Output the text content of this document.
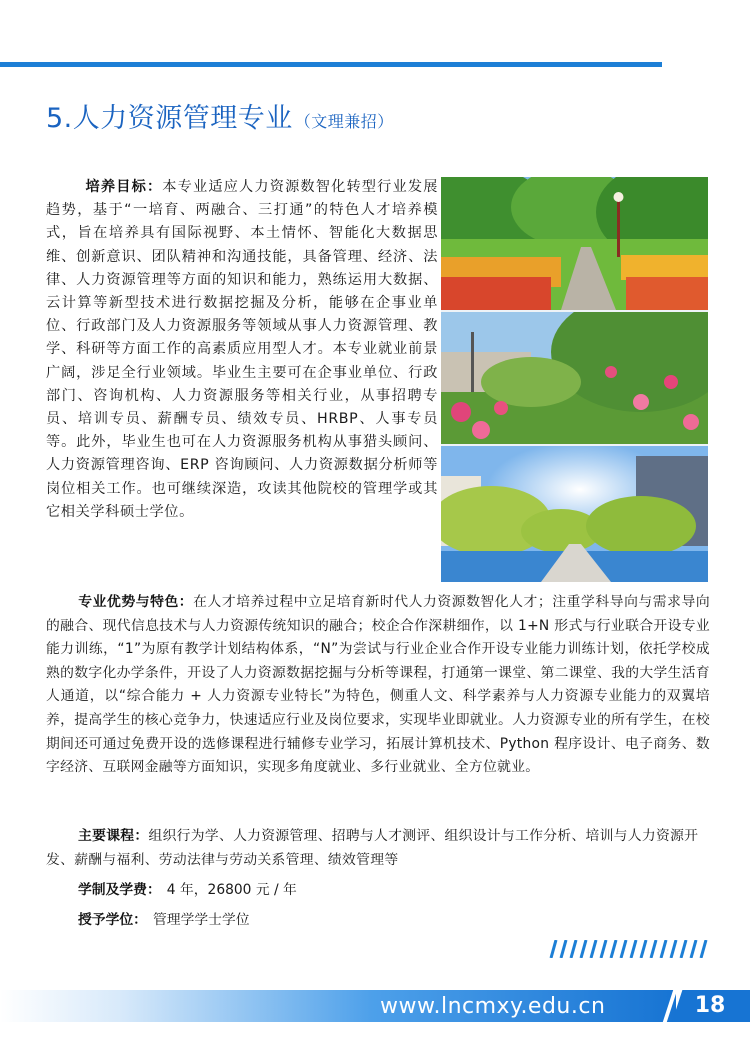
5.人力资源管理专业 （文理兼招）
培养目标：本专业适应人力资源数智化转型行业发展趋势，基于“一培育、两融合、三打通”的特色人才培养模式，旨在培养具有国际视野、本土情怀、智能化大数据思维、创新意识、团队精神和沟通技能，具备管理、经济、法律、人力资源管理等方面的知识和能力，熟练运用大数据、云计算等新型技术进行数据挖掘及分析，能够在企事业单位、行政部门及人力资源服务等领域从事人力资源管理、教学、科研等方面工作的高素质应用型人才。本专业就业前景广阔，涉足全行业领域。毕业生主要可在企事业单位、行政部门、咨询机构、人力资源服务等相关行业，从事招聘专员、培训专员、薪酬专员、绩效专员、HRBP、人事专员等。此外，毕业生也可在人力资源服务机构从事猎头顾问、人力资源管理咨询、ERP 咨询顾问、人力资源数据分析师等岗位相关工作。也可继续深造，攻读其他院校的管理学或其它相关学科硕士学位。
专业优势与特色：在人才培养过程中立足培育新时代人力资源数智化人才；注重学科导向与需求导向的融合、现代信息技术与人力资源传统知识的融合；校企合作深耕细作，以 1+N 形式与行业联合开设专业能力训练，“1”为原有教学计划结构体系，“N”为尝试与行业企业合作开设专业能力训练计划，依托学校成熟的数字化办学条件，开设了人力资源数据挖掘与分析等课程，打通第一课堂、第二课堂、我的大学生活育人通道，以“综合能力 + 人力资源专业特长”为特色，侧重人文、科学素养与人力资源专业能力的双翼培养，提高学生的核心竞争力，快速适应行业及岗位要求，实现毕业即就业。人力资源专业的所有学生，在校期间还可通过免费开设的选修课程进行辅修专业学习，拓展计算机技术、Python 程序设计、电子商务、数字经济、互联网金融等方面知识，实现多角度就业、多行业就业、全方位就业。
主要课程：组织行为学、人力资源管理、招聘与人才测评、组织设计与工作分析、培训与人力资源开发、薪酬与福利、劳动法律与劳动关系管理、绩效管理等
学制及学费： 4 年，26800 元 / 年
授予学位： 管理学学士学位
www.lncmxy.edu.cn	18
